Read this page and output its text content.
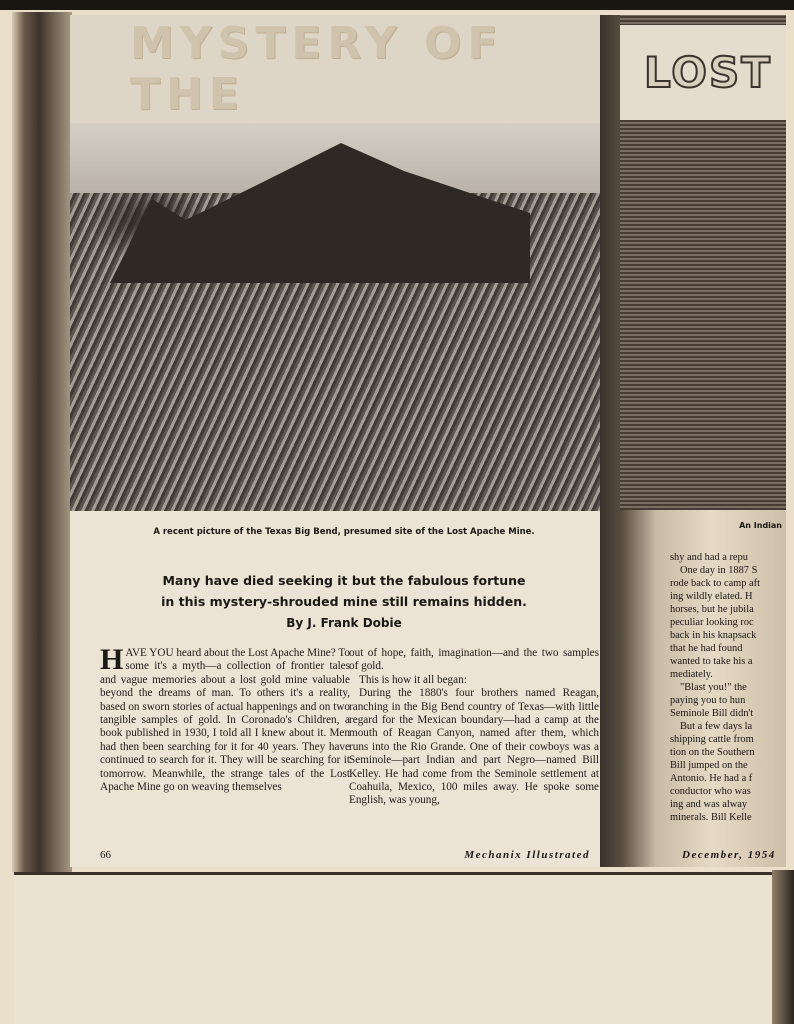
MYSTERY OF THE
A recent picture of the Texas Big Bend, presumed site of the Lost Apache Mine.
Many have died seeking it but the fabulous fortune
in this mystery-shrouded mine still remains hidden.
By J. Frank Dobie
HAVE YOU heard about the Lost Apache Mine? To some it's a myth—a collection of frontier tales and vague memories about a lost gold mine valuable beyond the dreams of man. To others it's a reality, based on sworn stories of actual happenings and on two tangible samples of gold. In Coronado's Children, a book published in 1930, I told all I knew about it. Men had then been searching for it for 40 years. They have continued to search for it. They will be searching for it tomorrow. Meanwhile, the strange tales of the Lost Apache Mine go on weaving themselves
out of hope, faith, imagination—and the two samples of gold.

This is how it all began:

During the 1880's four brothers named Reagan, ranching in the Big Bend country of Texas—with little regard for the Mexican boundary—had a camp at the mouth of Reagan Canyon, named after them, which runs into the Rio Grande. One of their cowboys was a Seminole—part Indian and part Negro—named Bill Kelley. He had come from the Seminole settlement at Coahuila, Mexico, 100 miles away. He spoke some English, was young,

66	Mechanix Illustrated
LOST
An Indian
shy and had a repu
One day in 1887 S
rode back to camp aft
ing wildly elated. H
horses, but he jubila
peculiar looking roc
back in his knapsack
that he had found
wanted to take his a
mediately.
"Blast you!" the
paying you to hun
Seminole Bill didn't
But a few days la
shipping cattle from
tion on the Southern
Bill jumped on the
Antonio. He had a f
conductor who was
ing and was alway
minerals. Bill Kelle
December, 1954
